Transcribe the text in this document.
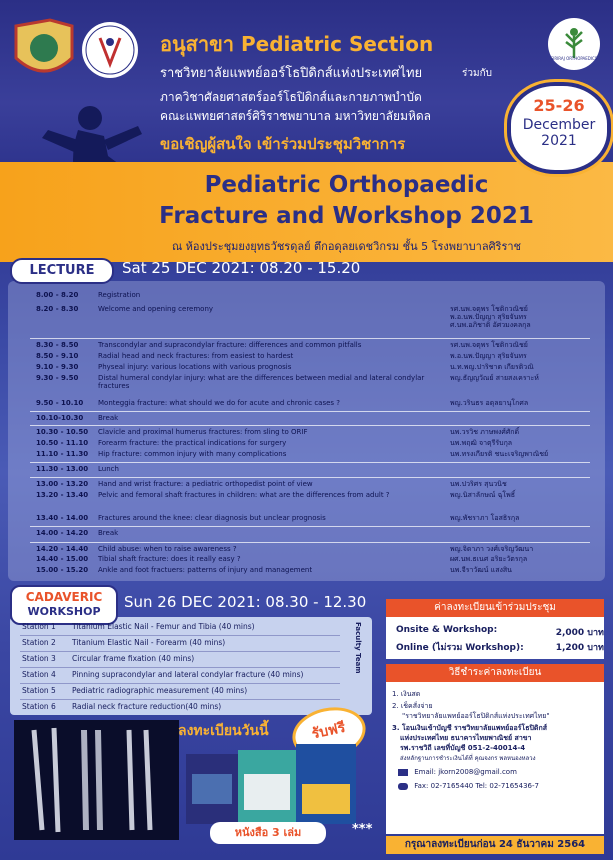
SIRIRAJ ORTHOPAEDICS
อนุสาขา Pediatric Section
ราชวิทยาลัยแพทย์ออร์โธปิดิกส์แห่งประเทศไทย	ร่วมกับ
ภาควิชาศัลยศาสตร์ออร์โธปิดิกส์และกายภาพบำบัด
คณะแพทยศาสตร์ศิริราชพยาบาล มหาวิทยาลัยมหิดล
ขอเชิญผู้สนใจ เข้าร่วมประชุมวิชาการ
Pediatric Orthopaedic
Fracture and Workshop 2021
ณ ห้องประชุมยงยุทธวัชรดุลย์ ตึกอดุลยเดชวิกรม ชั้น 5 โรงพยาบาลศิริราช
25-26
December
2021
LECTURE	Sat 25 DEC 2021: 08.20 - 15.20
8.00 - 8.20	Registration
8.20 - 8.30	Welcome and opening ceremony	รศ.นพ.จตุพร โชติกวณิชย์
พ.อ.นพ.ปัญญา สุริยจันทร
ศ.นพ.อภิชาติ อัศวมงคลกุล
8.30 - 8.50	Transcondylar and supracondylar fracture: differences and common pitfalls	รศ.นพ.จตุพร โชติกวณิชย์
8.50 - 9.10	Radial head and neck fractures: from easiest to hardest	พ.อ.นพ.ปัญญา สุริยจันทร
9.10 - 9.30	Physeal injury: various locations with various prognosis	น.ท.พญ.ปาริชาต เกียรติวณิ
9.30 - 9.50	Distal humeral condylar injury: what are the differences between medial and lateral condylar fractures
พญ.ธัญญวัณย์ สายสงเคราะห์
9.50 - 10.10	Monteggia fracture: what should we do for acute and chronic cases ?	พญ.วรินธร อดุลยานุโกศล
10.10-10.30	Break
10.30 - 10.50	Clavicle and proximal humerus fractures: from sling to ORIF	นพ.วรวิช ภาษพงศ์ศักดิ์
10.50 - 11.10	Forearm fracture: the practical indications for surgery	นพ.พฤฒิ จาตุรีรับกุล
11.10 - 11.30	Hip fracture: common injury with many complications	นพ.ทรงเกียรติ ชนะเจริญพาณิชย์
11.30 - 13.00	Lunch
13.00 - 13.20	Hand and wrist fracture: a pediatric orthopedist point of view	นพ.ปวริศร สุนวนิช
13.20 - 13.40	Pelvic and femoral shaft fractures in children: what are the differences from adult ?	พญ.นิสาลักษณ์ ฉุโพธิ์
13.40 - 14.00	Fractures around the knee: clear diagnosis but unclear prognosis	พญ.พัชราภา โอสธิรกุล
14.00 - 14.20	Break
14.20 - 14.40	Child abuse: when to raise awareness ?	พญ.จิดาภา วงศ์เจริญวัฒนา
14.40 - 15.00	Tibial shaft fracture: does it really easy ?	ผศ.นพ.ธเนศ อริยะวัตรกุล
15.00 - 15.20	Ankle and foot fractuers: patterns of injury and management	นพ.จีราวัฒน์ แสงสิน
CADAVERIC
WORKSHOP
Sun 26 DEC 2021: 08.30 - 12.30
Station 1	Titanium Elastic Nail - Femur and Tibia (40 mins)
Station 2	Titanium Elastic Nail - Forearm (40 mins)
Station 3	Circular frame fixation (40 mins)
Station 4	Pinning supracondylar and lateral condylar fracture (40 mins)
Station 5	Pediatric radiographic measurement (40 mins)
Station 6	Radial neck fracture reduction(40 mins)
Faculty Team
ลงทะเบียนวันนี้	รับฟรี
หนังสือ 3 เล่ม	***
ค่าลงทะเบียนเข้าร่วมประชุม
Onsite & Workshop:	2,000 บาท
Online (ไม่รวม Workshop):	1,200 บาท
วิธีชำระค่าลงทะเบียน
1. เงินสด
2. เช็คสั่งจ่าย
"ราชวิทยาลัยแพทย์ออร์โธปิดิกส์แห่งประเทศไทย"
3. โอนเงินเข้าบัญชี ราชวิทยาลัยแพทย์ออร์โธปิดิกส์
แห่งประเทศไทย ธนาคารไทยพาณิชย์ สาขา
รพ.ราชวิถี เลขที่บัญชี 051-2-40014-4
ส่งหลักฐานการชำระเงินได้ที่ คุณจงกร พลหนองหลวง
Email: jkorn2008@gmail.com
Fax: 02-7165440 Tel: 02-7165436-7
กรุณาลงทะเบียนก่อน 24 ธันวาคม 2564
